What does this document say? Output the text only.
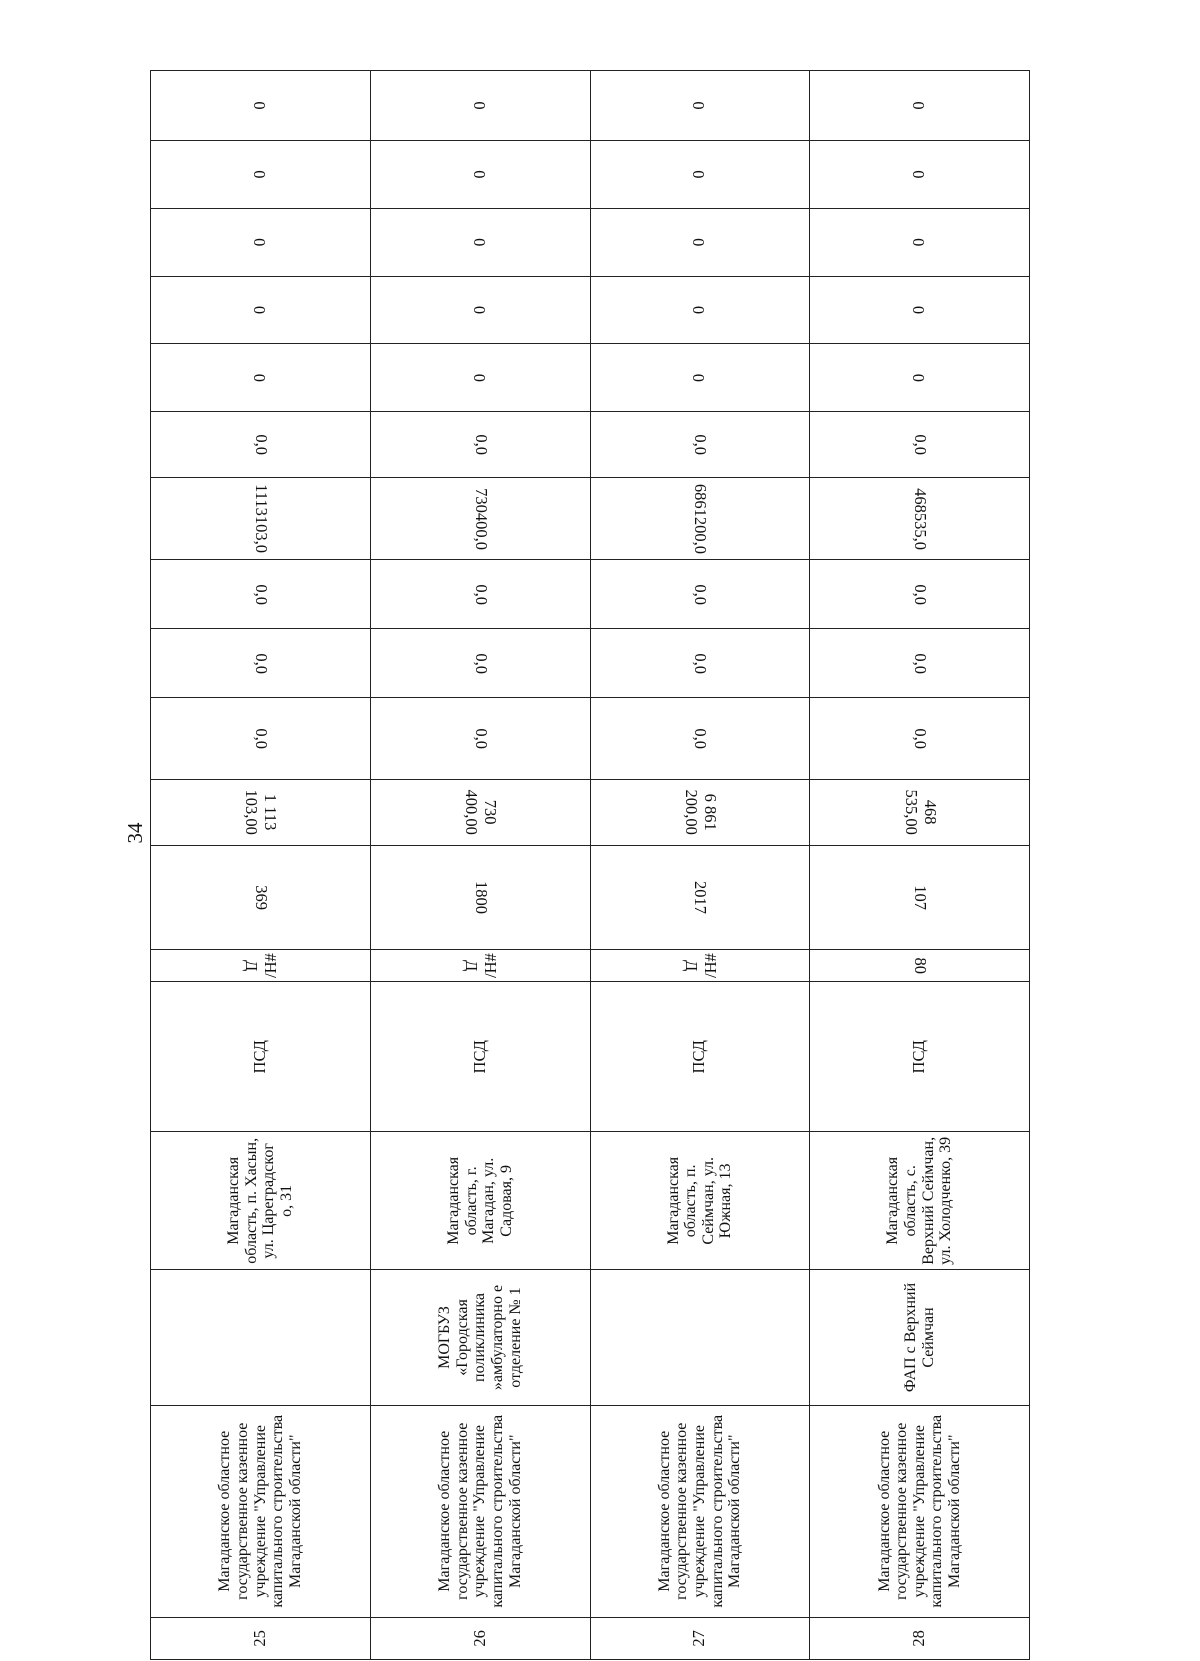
34
25	Магаданское областное государственное казенное учреждение "Управление капитального строительства Магаданской области"		Магаданская область, п. Хасын, ул. Цареградског о, 31	ПСД	#Н/Д	369	1 113 103,00	0,0	0,0	0,0	1113103,0	0,0	0	0	0	0	0
26	Магаданское областное государственное казенное учреждение "Управление капитального строительства Магаданской области"	МОГБУЗ «Городская поликлиника »амбулаторно е отделение № 1	Магаданская область, г. Магадан, ул. Садовая, 9	ПСД	#Н/Д	1800	730 400,00	0,0	0,0	0,0	730400,0	0,0	0	0	0	0	0
27	Магаданское областное государственное казенное учреждение "Управление капитального строительства Магаданской области"		Магаданская область, п. Сеймчан, ул. Южная, 13	ПСД	#Н/Д	2017	6 861 200,00	0,0	0,0	0,0	6861200,0	0,0	0	0	0	0	0
28	Магаданское областное государственное казенное учреждение "Управление капитального строительства Магаданской области"	ФАП с Верхний Сеймчан	Магаданская область, с. Верхний Сеймчан, ул. Холодченко, 39	ПСД	80	107	468 535,00	0,0	0,0	0,0	468535,0	0,0	0	0	0	0	0
